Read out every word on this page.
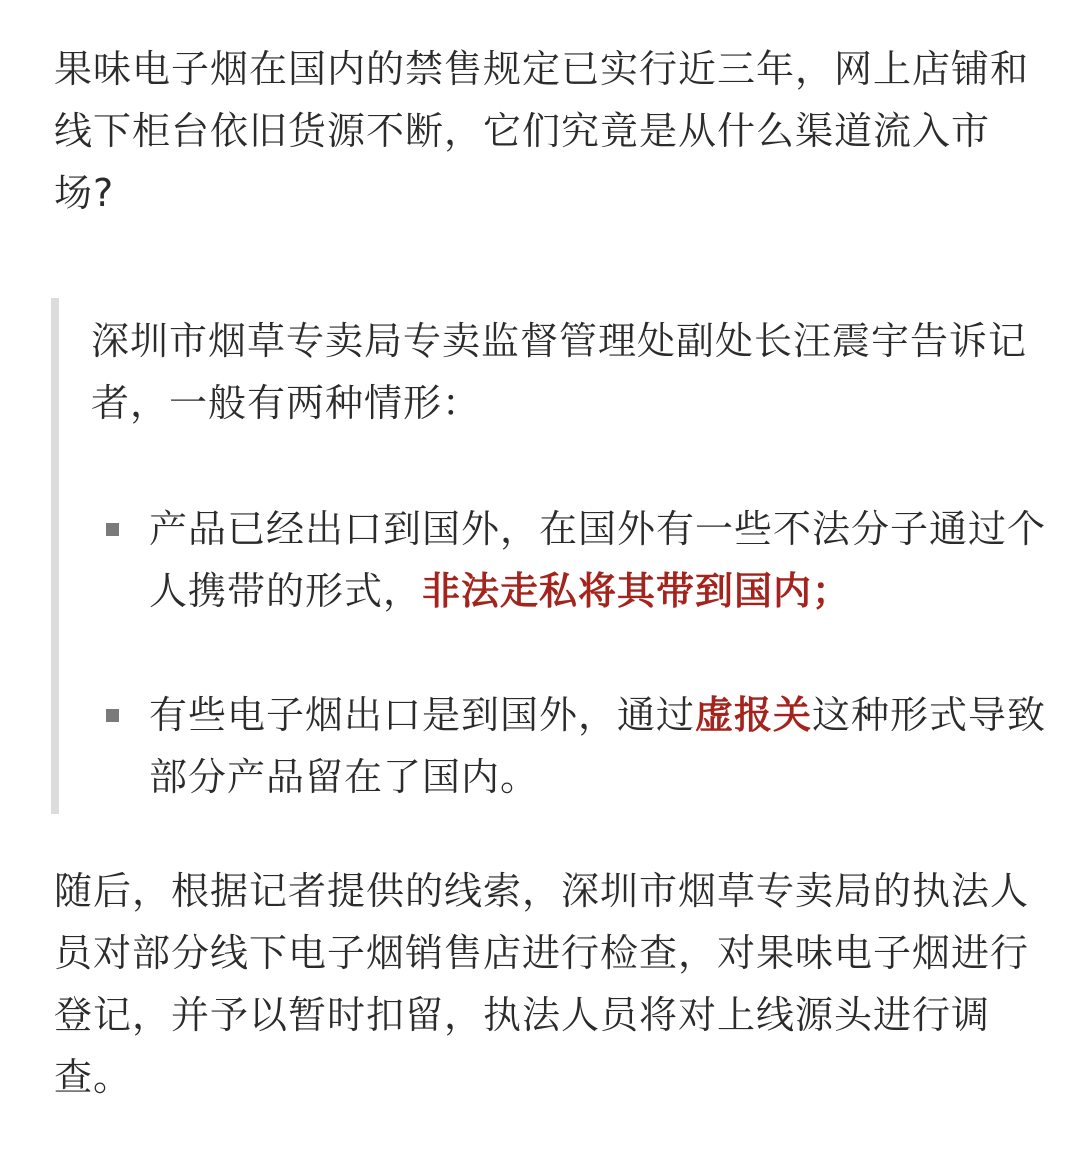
果味电子烟在国内的禁售规定已实行近三年，网上店铺和线下柜台依旧货源不断，它们究竟是从什么渠道流入市场?

深圳市烟草专卖局专卖监督管理处副处长汪震宇告诉记者，一般有两种情形：

产品已经出口到国外，在国外有一些不法分子通过个人携带的形式，非法走私将其带到国内；
有些电子烟出口是到国外，通过虚报关这种形式导致部分产品留在了国内。

随后，根据记者提供的线索，深圳市烟草专卖局的执法人员对部分线下电子烟销售店进行检查，对果味电子烟进行登记，并予以暂时扣留，执法人员将对上线源头进行调查。
